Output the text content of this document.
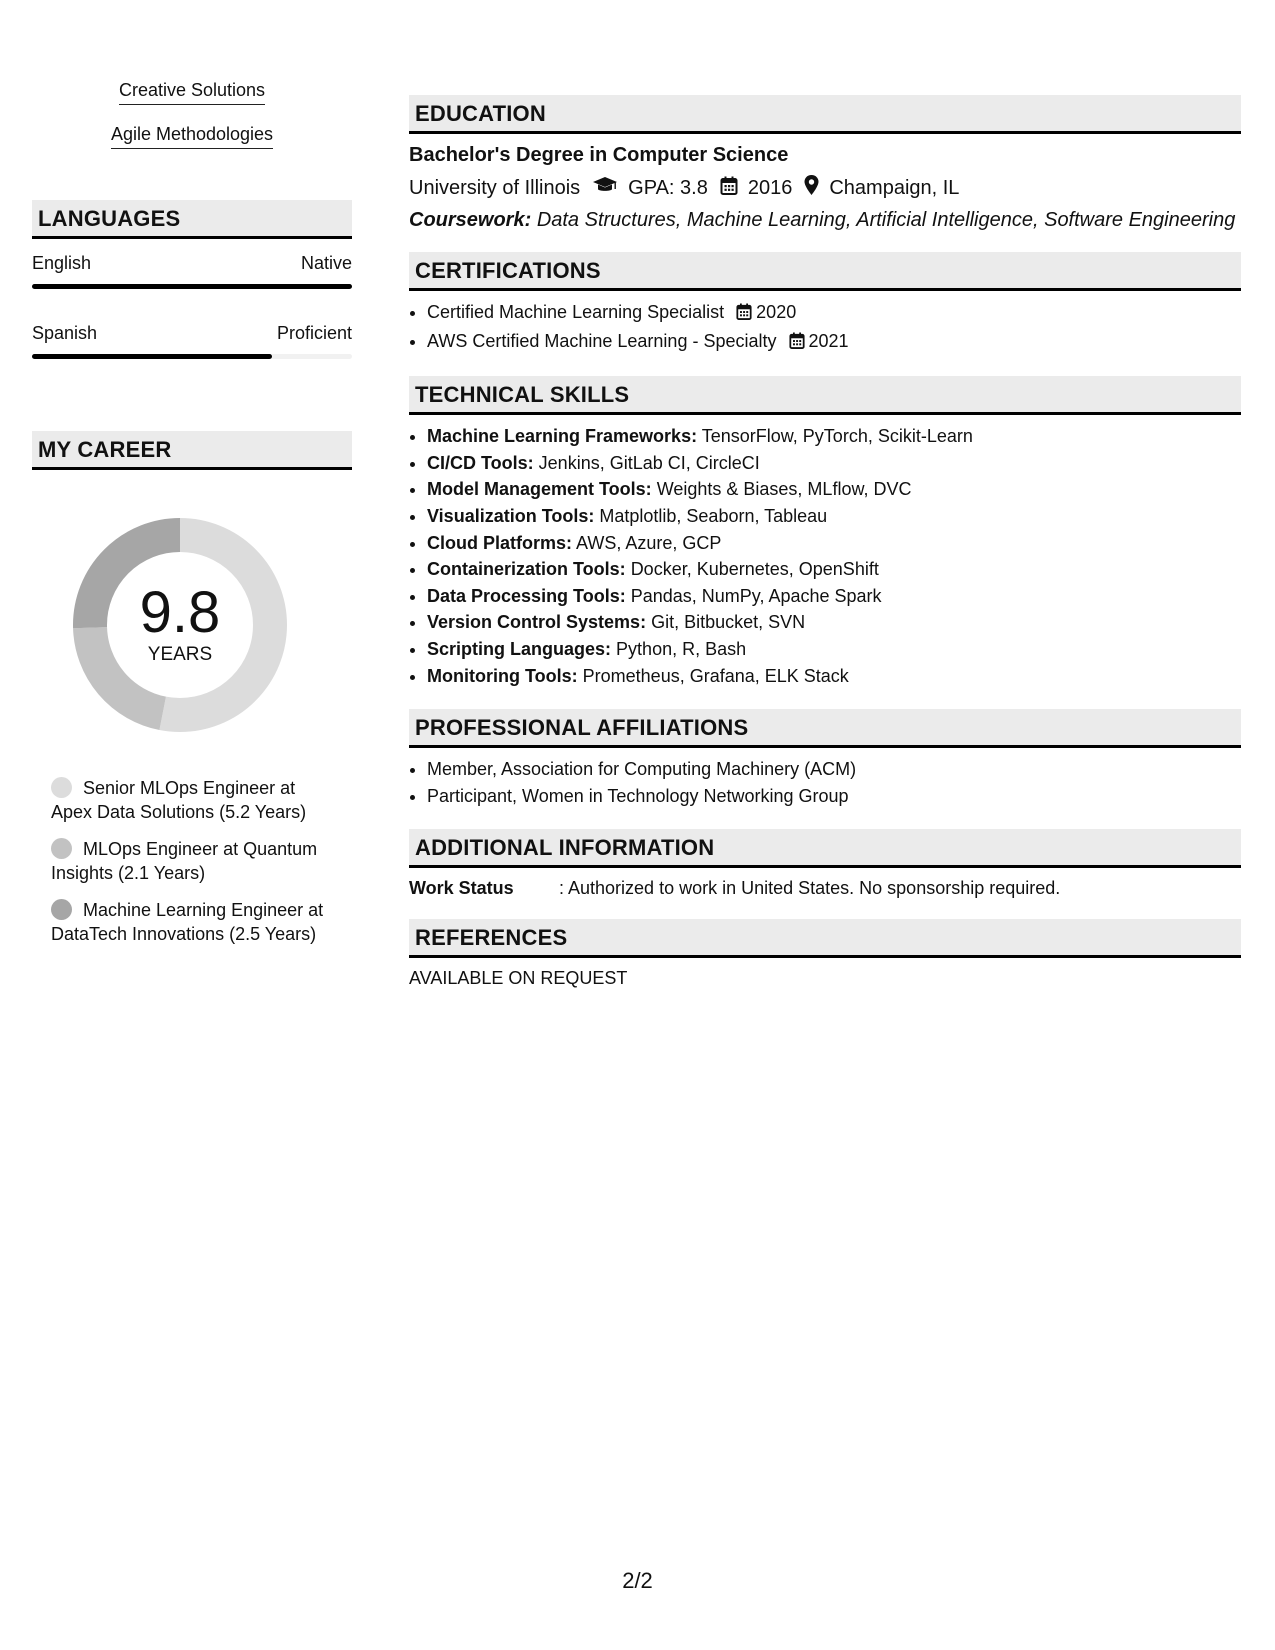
Creative Solutions
Agile Methodologies
LANGUAGES
English	Native
Spanish	Proficient
MY CAREER
9.8
YEARS
Senior MLOps Engineer at Apex Data Solutions (5.2 Years)
MLOps Engineer at Quantum Insights (2.1 Years)
Machine Learning Engineer at DataTech Innovations (2.5 Years)
EDUCATION
Bachelor's Degree in Computer Science
University of Illinois GPA: 3.8 2016 Champaign, IL
Coursework: Data Structures, Machine Learning, Artificial Intelligence, Software Engineering
CERTIFICATIONS
• Certified Machine Learning Specialist 2020
• AWS Certified Machine Learning - Specialty 2021
TECHNICAL SKILLS
• Machine Learning Frameworks: TensorFlow, PyTorch, Scikit-Learn
• CI/CD Tools: Jenkins, GitLab CI, CircleCI
• Model Management Tools: Weights & Biases, MLflow, DVC
• Visualization Tools: Matplotlib, Seaborn, Tableau
• Cloud Platforms: AWS, Azure, GCP
• Containerization Tools: Docker, Kubernetes, OpenShift
• Data Processing Tools: Pandas, NumPy, Apache Spark
• Version Control Systems: Git, Bitbucket, SVN
• Scripting Languages: Python, R, Bash
• Monitoring Tools: Prometheus, Grafana, ELK Stack
PROFESSIONAL AFFILIATIONS
• Member, Association for Computing Machinery (ACM)
• Participant, Women in Technology Networking Group
ADDITIONAL INFORMATION
Work Status	: Authorized to work in United States. No sponsorship required.
REFERENCES
AVAILABLE ON REQUEST
2/2
